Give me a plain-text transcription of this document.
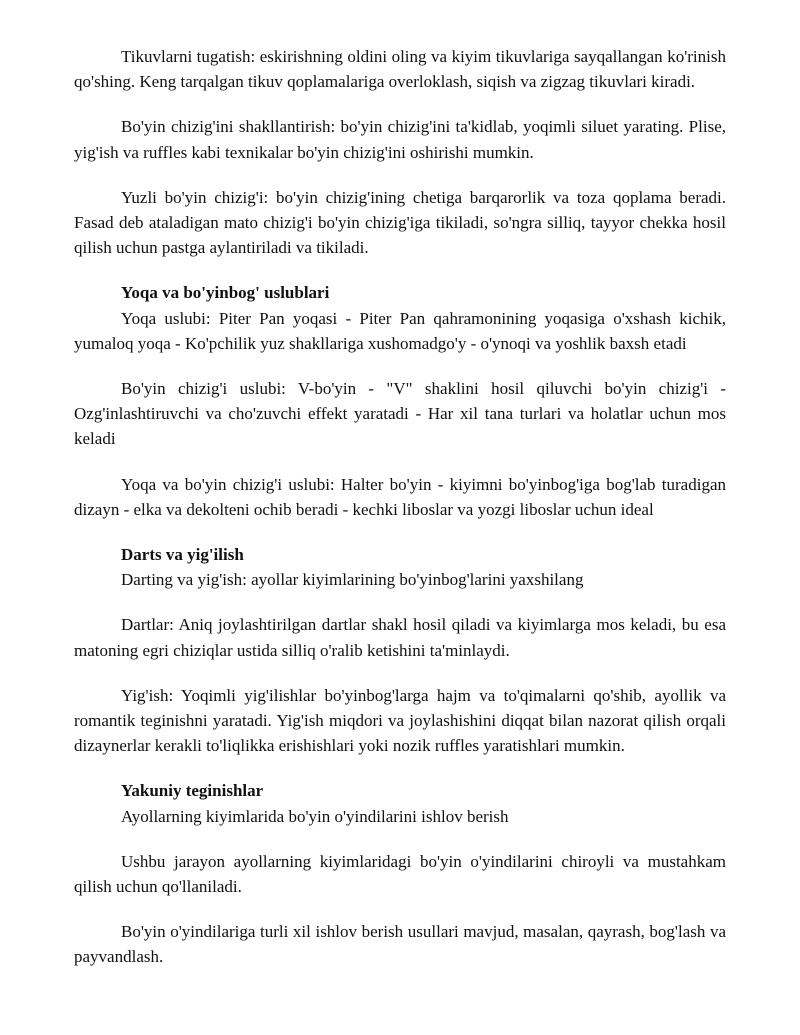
Tikuvlarni tugatish: eskirishning oldini oling va kiyim tikuvlariga sayqallangan ko'rinish qo'shing. Keng tarqalgan tikuv qoplamalariga overloklash, siqish va zigzag tikuvlari kiradi.

Bo'yin chizig'ini shakllantirish: bo'yin chizig'ini ta'kidlab, yoqimli siluet yarating. Plise, yig'ish va ruffles kabi texnikalar bo'yin chizig'ini oshirishi mumkin.

Yuzli bo'yin chizig'i: bo'yin chizig'ining chetiga barqarorlik va toza qoplama beradi. Fasad deb ataladigan mato chizig'i bo'yin chizig'iga tikiladi, so'ngra silliq, tayyor chekka hosil qilish uchun pastga aylantiriladi va tikiladi.

Yoqa va bo'yinbog' uslublari

Yoqa uslubi: Piter Pan yoqasi - Piter Pan qahramonining yoqasiga o'xshash kichik, yumaloq yoqa - Ko'pchilik yuz shakllariga xushomadgo'y - o'ynoqi va yoshlik baxsh etadi

Bo'yin chizig'i uslubi: V-bo'yin - "V" shaklini hosil qiluvchi bo'yin chizig'i - Ozg'inlashtiruvchi va cho'zuvchi effekt yaratadi - Har xil tana turlari va holatlar uchun mos keladi

Yoqa va bo'yin chizig'i uslubi: Halter bo'yin - kiyimni bo'yinbog'iga bog'lab turadigan dizayn - elka va dekolteni ochib beradi - kechki liboslar va yozgi liboslar uchun ideal

Darts va yig'ilish

Darting va yig'ish: ayollar kiyimlarining bo'yinbog'larini yaxshilang

Dartlar: Aniq joylashtirilgan dartlar shakl hosil qiladi va kiyimlarga mos keladi, bu esa matoning egri chiziqlar ustida silliq o'ralib ketishini ta'minlaydi.

Yig'ish: Yoqimli yig'ilishlar bo'yinbog'larga hajm va to'qimalarni qo'shib, ayollik va romantik teginishni yaratadi. Yig'ish miqdori va joylashishini diqqat bilan nazorat qilish orqali dizaynerlar kerakli to'liqlikka erishishlari yoki nozik ruffles yaratishlari mumkin.

Yakuniy teginishlar

Ayollarning kiyimlarida bo'yin o'yindilarini ishlov berish

Ushbu jarayon ayollarning kiyimlaridagi bo'yin o'yindilarini chiroyli va mustahkam qilish uchun qo'llaniladi.

Bo'yin o'yindilariga turli xil ishlov berish usullari mavjud, masalan, qayrash, bog'lash va payvandlash.
